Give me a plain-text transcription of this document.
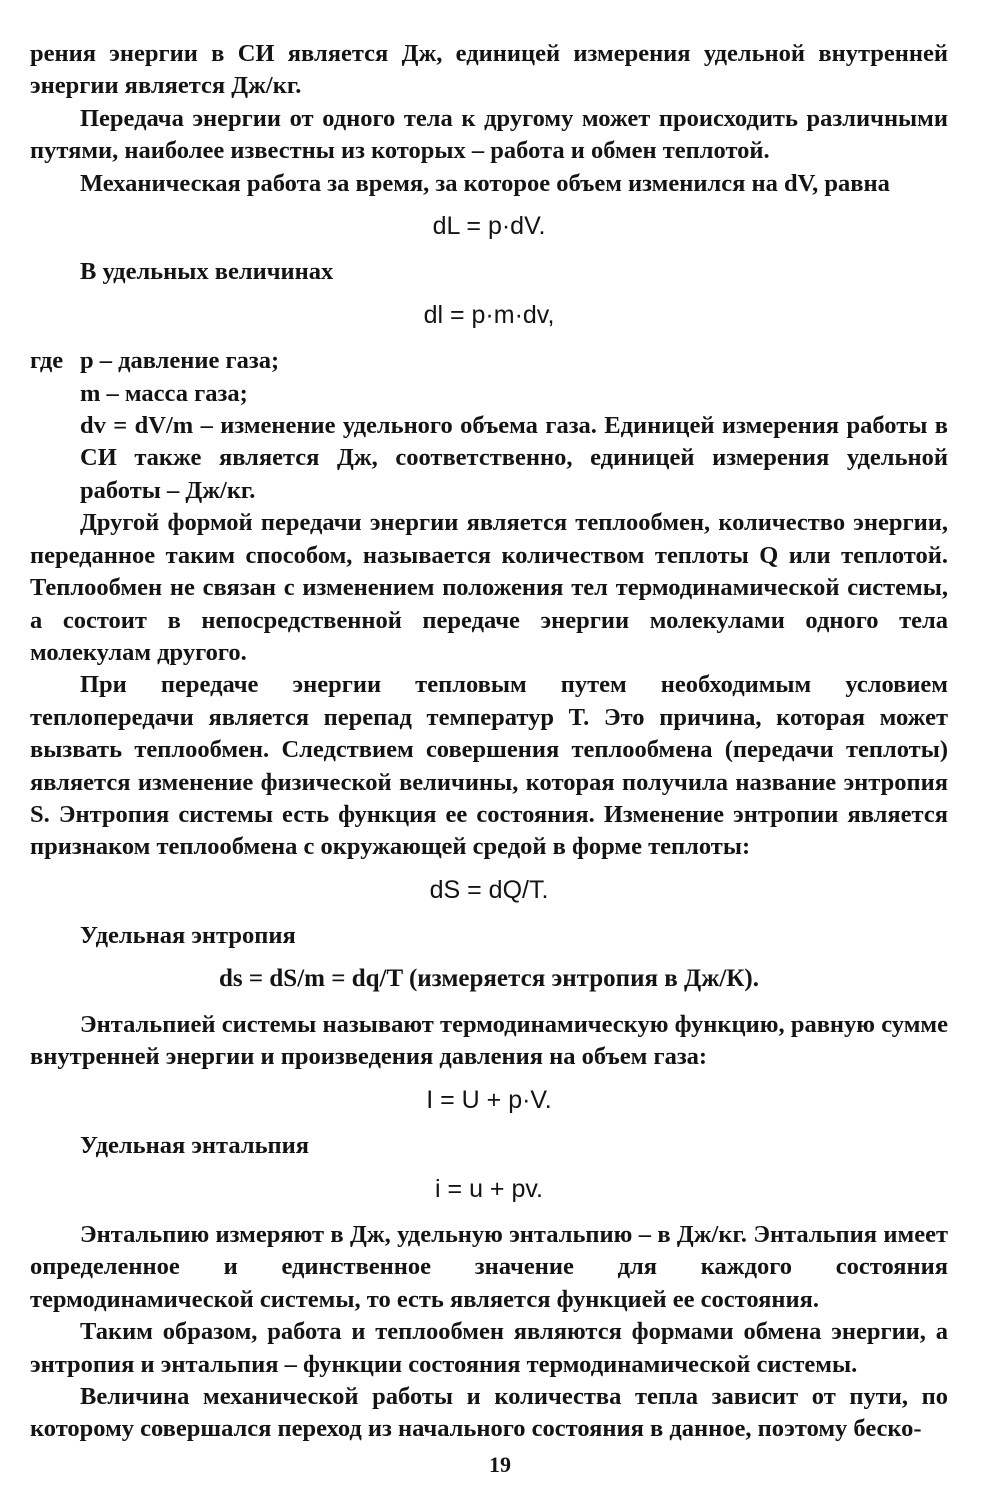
рения энергии в СИ является Дж, единицей измерения удельной внутренней энергии является Дж/кг.

Передача энергии от одного тела к другому может происходить различными путями, наиболее известны из которых – работа и обмен теплотой.

Механическая работа за время, за которое объем изменился на dV, равна

dL = p·dV.

В удельных величинах

dl = p·m·dv,

где p – давление газа;

m – масса газа;

dv = dV/m – изменение удельного объема газа. Единицей измерения работы в СИ также является Дж, соответственно, единицей измерения удельной работы – Дж/кг.

Другой формой передачи энергии является теплообмен, количество энергии, переданное таким способом, называется количеством теплоты Q или теплотой. Теплообмен не связан с изменением положения тел термодинамической системы, а состоит в непосредственной передаче энергии молекулами одного тела молекулам другого.

При передаче энергии тепловым путем необходимым условием теплопередачи является перепад температур T. Это причина, которая может вызвать теплообмен. Следствием совершения теплообмена (передачи теплоты) является изменение физической величины, которая получила название энтропия S. Энтропия системы есть функция ее состояния. Изменение энтропии является признаком теплообмена с окружающей средой в форме теплоты:

dS = dQ/T.

Удельная энтропия

ds = dS/m = dq/T (измеряется энтропия в Дж/К).

Энтальпией системы называют термодинамическую функцию, равную сумме внутренней энергии и произведения давления на объем газа:

I = U + p·V.

Удельная энтальпия

i = u + pv.

Энтальпию измеряют в Дж, удельную энтальпию – в Дж/кг. Энтальпия имеет определенное и единственное значение для каждого состояния термодинамической системы, то есть является функцией ее состояния.

Таким образом, работа и теплообмен являются формами обмена энергии, а энтропия и энтальпия – функции состояния термодинамической системы.

Величина механической работы и количества тепла зависит от пути, по которому совершался переход из начального состояния в данное, поэтому беско-

19
